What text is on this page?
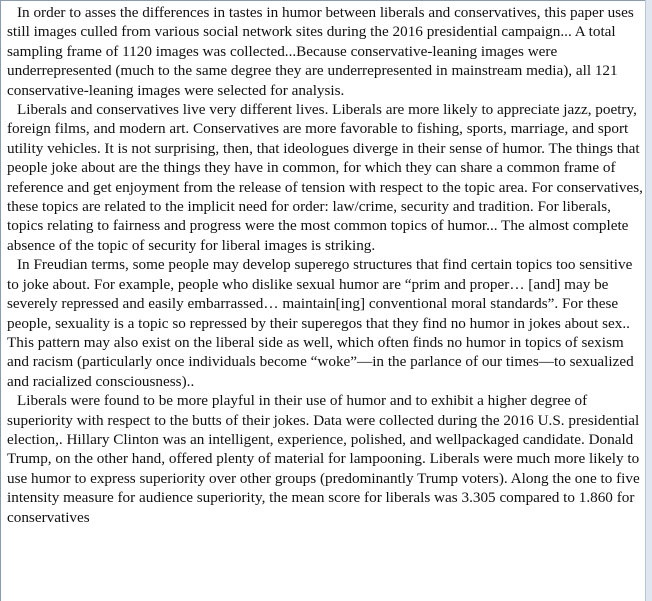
In order to asses the differences in tastes in humor between liberals and conservatives, this paper uses still images culled from various social network sites during the 2016 presidential campaign... A total sampling frame of 1120 images was collected...Because conservative-leaning images were underrepresented (much to the same degree they are underrepresented in mainstream media), all 121 conservative-leaning images were selected for analysis.

Liberals and conservatives live very different lives. Liberals are more likely to appreciate jazz, poetry, foreign films, and modern art. Conservatives are more favorable to fishing, sports, marriage, and sport utility vehicles. It is not surprising, then, that ideologues diverge in their sense of humor. The things that people joke about are the things they have in common, for which they can share a common frame of reference and get enjoyment from the release of tension with respect to the topic area. For conservatives, these topics are related to the implicit need for order: law/crime, security and tradition. For liberals, topics relating to fairness and progress were the most common topics of humor... The almost complete absence of the topic of security for liberal images is striking.

In Freudian terms, some people may develop superego structures that find certain topics too sensitive to joke about. For example, people who dislike sexual humor are “prim and proper… [and] may be severely repressed and easily embarrassed… maintain[ing] conventional moral standards”. For these people, sexuality is a topic so repressed by their superegos that they find no humor in jokes about sex.. This pattern may also exist on the liberal side as well, which often finds no humor in topics of sexism and racism (particularly once individuals become “woke”—in the parlance of our times—to sexualized and racialized consciousness)..

Liberals were found to be more playful in their use of humor and to exhibit a higher degree of superiority with respect to the butts of their jokes. Data were collected during the 2016 U.S. presidential election,. Hillary Clinton was an intelligent, experience, polished, and wellpackaged candidate. Donald Trump, on the other hand, offered plenty of material for lampooning. Liberals were much more likely to use humor to express superiority over other groups (predominantly Trump voters). Along the one to five intensity measure for audience superiority, the mean score for liberals was 3.305 compared to 1.860 for conservatives
